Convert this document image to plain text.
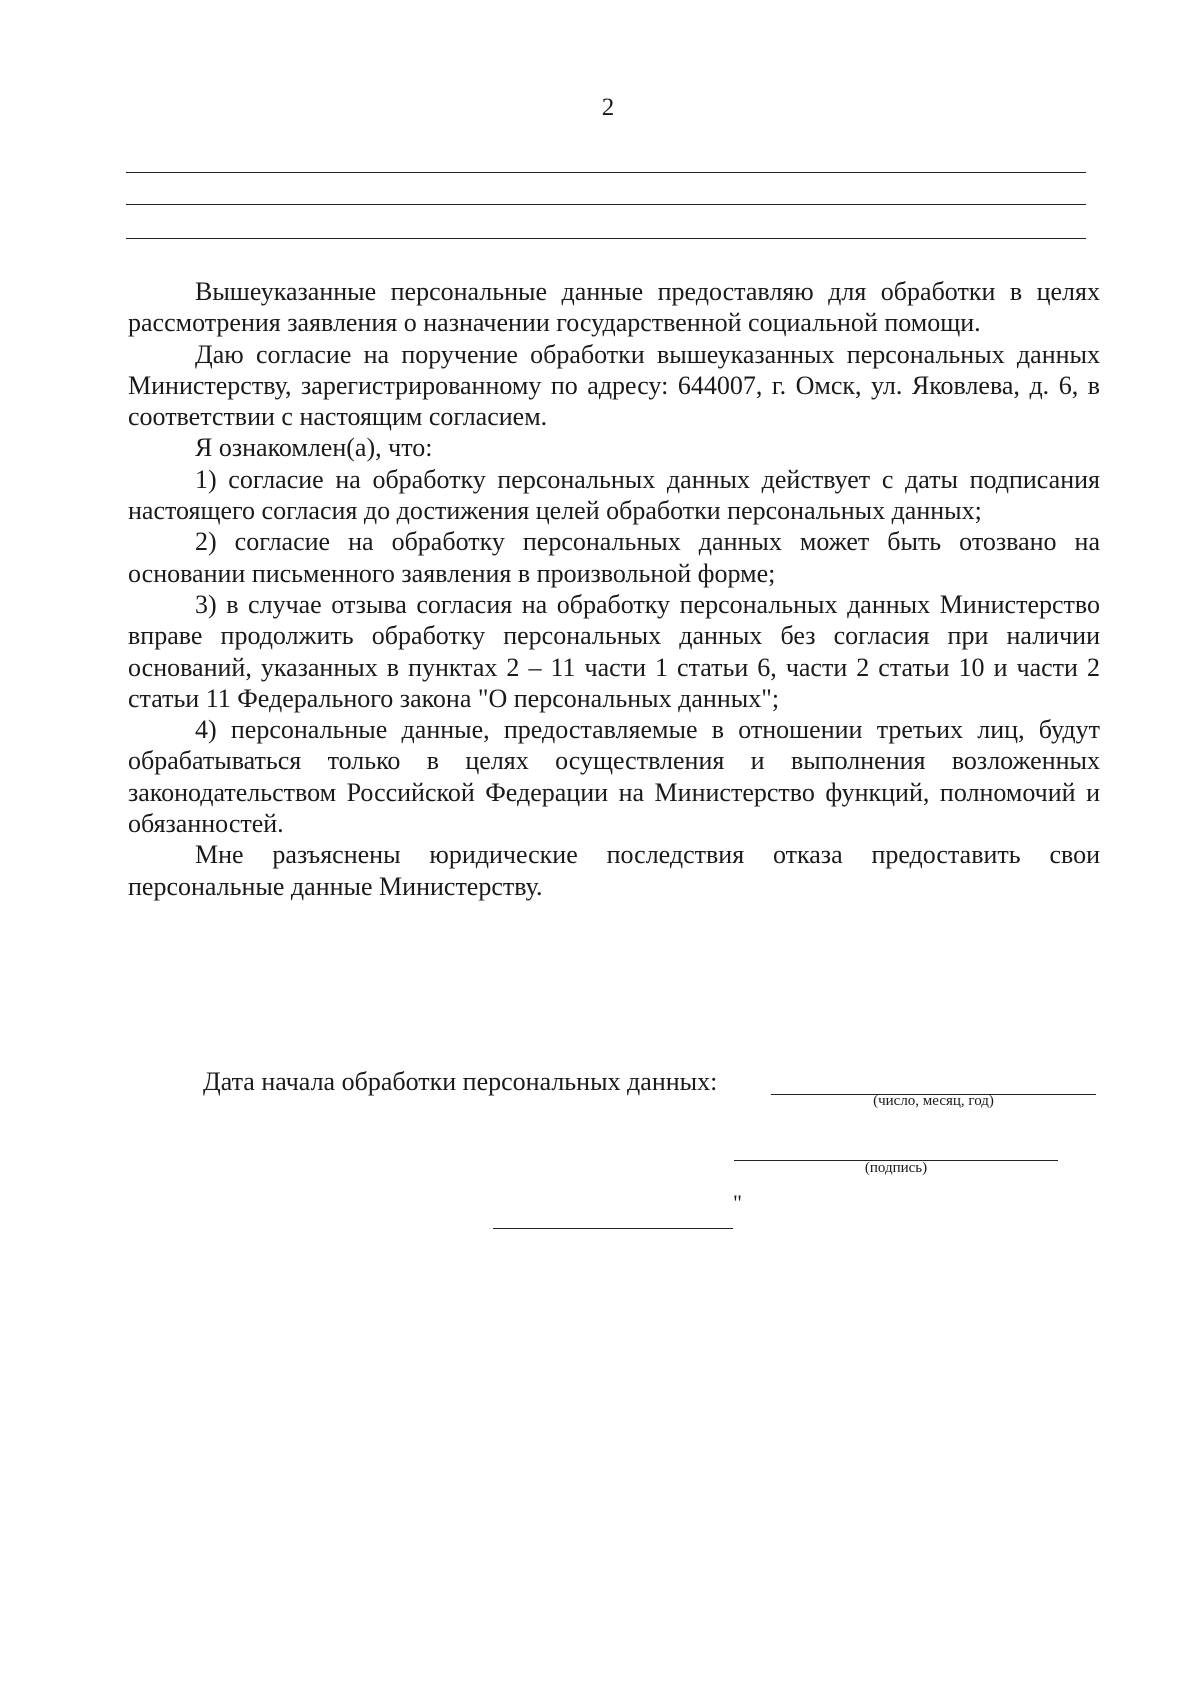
2

Вышеуказанные персональные данные предоставляю для обработки в целях рассмотрения заявления о назначении государственной социальной помощи.

Даю согласие на поручение обработки вышеуказанных персональных данных Министерству, зарегистрированному по адресу: 644007, г. Омск, ул. Яковлева, д. 6, в соответствии с настоящим согласием.

Я ознакомлен(а), что:

1) согласие на обработку персональных данных действует с даты подписания настоящего согласия до достижения целей обработки персональных данных;

2) согласие на обработку персональных данных может быть отозвано на основании письменного заявления в произвольной форме;

3) в случае отзыва согласия на обработку персональных данных Министерство вправе продолжить обработку персональных данных без согласия при наличии оснований, указанных в пунктах 2 – 11 части 1 статьи 6, части 2 статьи 10 и части 2 статьи 11 Федерального закона "О персональных данных";

4) персональные данные, предоставляемые в отношении третьих лиц, будут обрабатываться только в целях осуществления и выполнения возложенных законодательством Российской Федерации на Министерство функций, полномочий и обязанностей.

Мне разъяснены юридические последствия отказа предоставить свои персональные данные Министерству.

Дата начала обработки персональных данных:
(число, месяц, год)
(подпись)
"
